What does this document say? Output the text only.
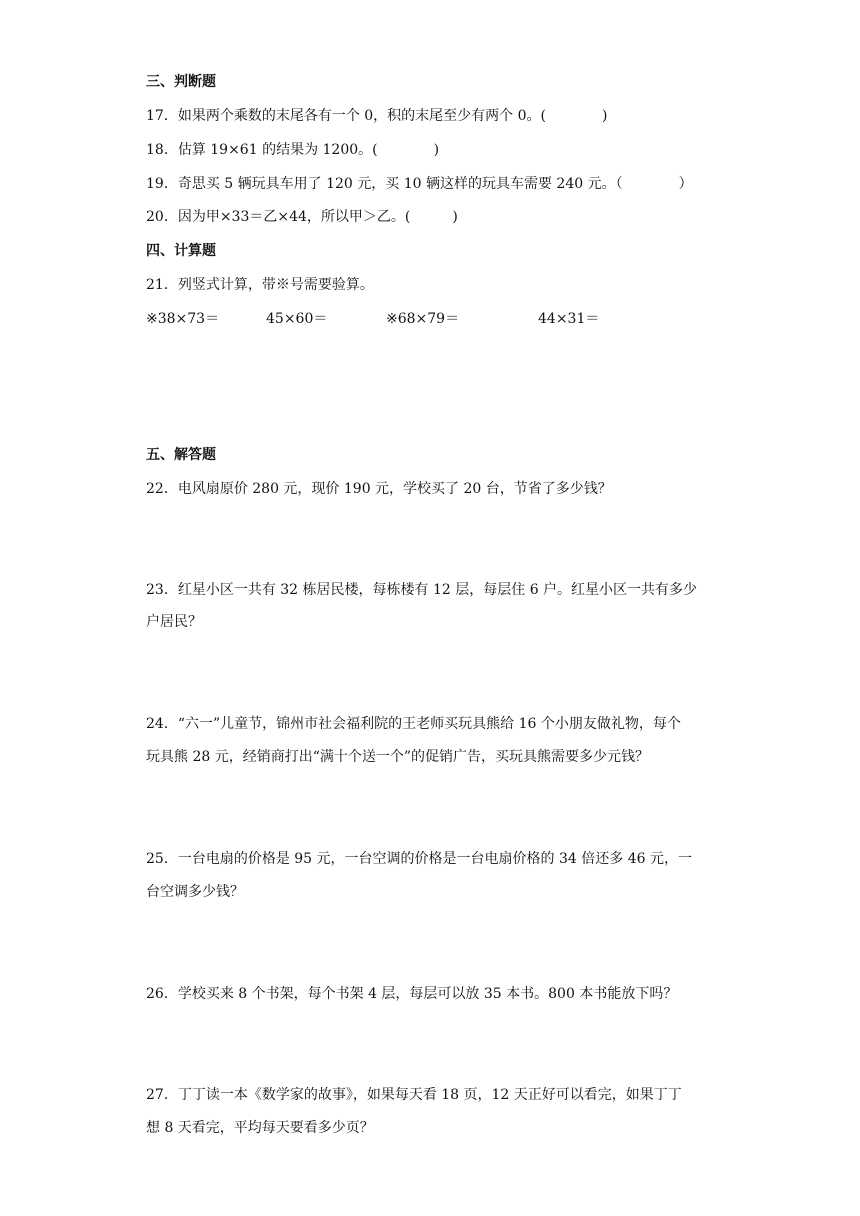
三、判断题
17．如果两个乘数的末尾各有一个 0，积的末尾至少有两个 0。(　　　　)
18．估算 19×61 的结果为 1200。(　　　　)
19．奇思买 5 辆玩具车用了 120 元，买 10 辆这样的玩具车需要 240 元。（　　　　）
20．因为甲×33＝乙×44，所以甲＞乙。(　　　)
四、计算题
21．列竖式计算，带※号需要验算。
※38×73＝	45×60＝	※68×79＝	44×31＝
五、解答题
22．电风扇原价 280 元，现价 190 元，学校买了 20 台，节省了多少钱？
23．红星小区一共有 32 栋居民楼，每栋楼有 12 层，每层住 6 户。红星小区一共有多少
户居民？
24．“六一”儿童节，锦州市社会福利院的王老师买玩具熊给 16 个小朋友做礼物，每个
玩具熊 28 元，经销商打出“满十个送一个”的促销广告，买玩具熊需要多少元钱？
25．一台电扇的价格是 95 元，一台空调的价格是一台电扇价格的 34 倍还多 46 元，一
台空调多少钱？
26．学校买来 8 个书架，每个书架 4 层，每层可以放 35 本书。800 本书能放下吗？
27．丁丁读一本《数学家的故事》，如果每天看 18 页，12 天正好可以看完，如果丁丁
想 8 天看完，平均每天要看多少页？
